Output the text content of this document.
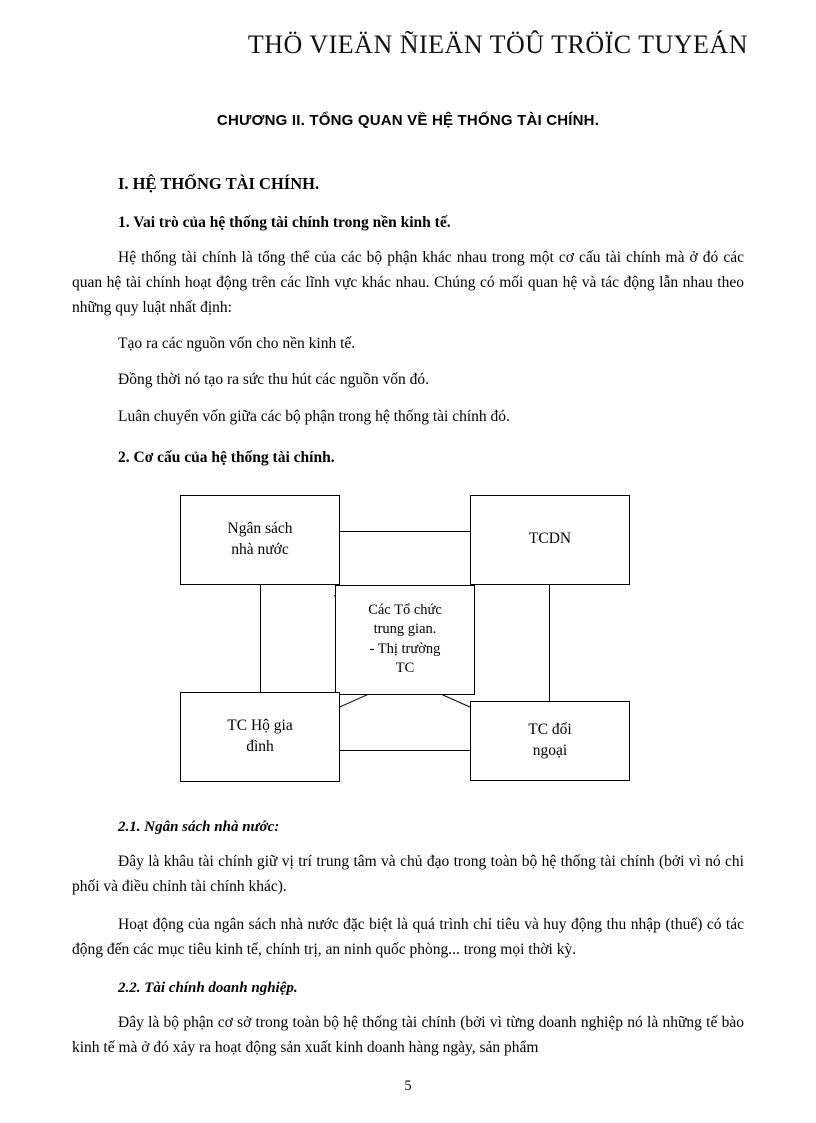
THÖ VIEÄN ÑIEÄN TÖÛ TRÖÏC TUYEÁN
CHƯƠNG II. TỔNG QUAN VỀ HỆ THỐNG TÀI CHÍNH.
I. HỆ THỐNG TÀI CHÍNH.
1. Vai trò của hệ thống tài chính trong nền kinh tế.

Hệ thống tài chính là tổng thể của các bộ phận khác nhau trong một cơ cấu tài chính mà ở đó các quan hệ tài chính hoạt động trên các lĩnh vực khác nhau. Chúng có mối quan hệ và tác động lẫn nhau theo những quy luật nhất định:

Tạo ra các nguồn vốn cho nền kinh tế.

Đồng thời nó tạo ra sức thu hút các nguồn vốn đó.

Luân chuyển vốn giữa các bộ phận trong hệ thống tài chính đó.

2. Cơ cấu của hệ thống tài chính.
Ngân sách
nhà nước
TCDN
Các Tổ chức
trung gian.
- Thị trường
TC
TC Hộ gia
đình
TC đối
ngoại
2.1. Ngân sách nhà nước:

Đây là khâu tài chính giữ vị trí trung tâm và chủ đạo trong toàn bộ hệ thống tài chính (bởi vì nó chi phối và điều chỉnh tài chính khác).

Hoạt động của ngân sách nhà nước đặc biệt là quá trình chỉ tiêu và huy động thu nhập (thuế) có tác động đến các mục tiêu kinh tế, chính trị, an ninh quốc phòng... trong mọi thời kỳ.

2.2. Tài chính doanh nghiệp.

Đây là bộ phận cơ sở trong toàn bộ hệ thống tài chính (bởi vì từng doanh nghiệp nó là những tế bào kinh tế mà ở đó xảy ra hoạt động sản xuất kinh doanh hàng ngày, sản phẩm

5
